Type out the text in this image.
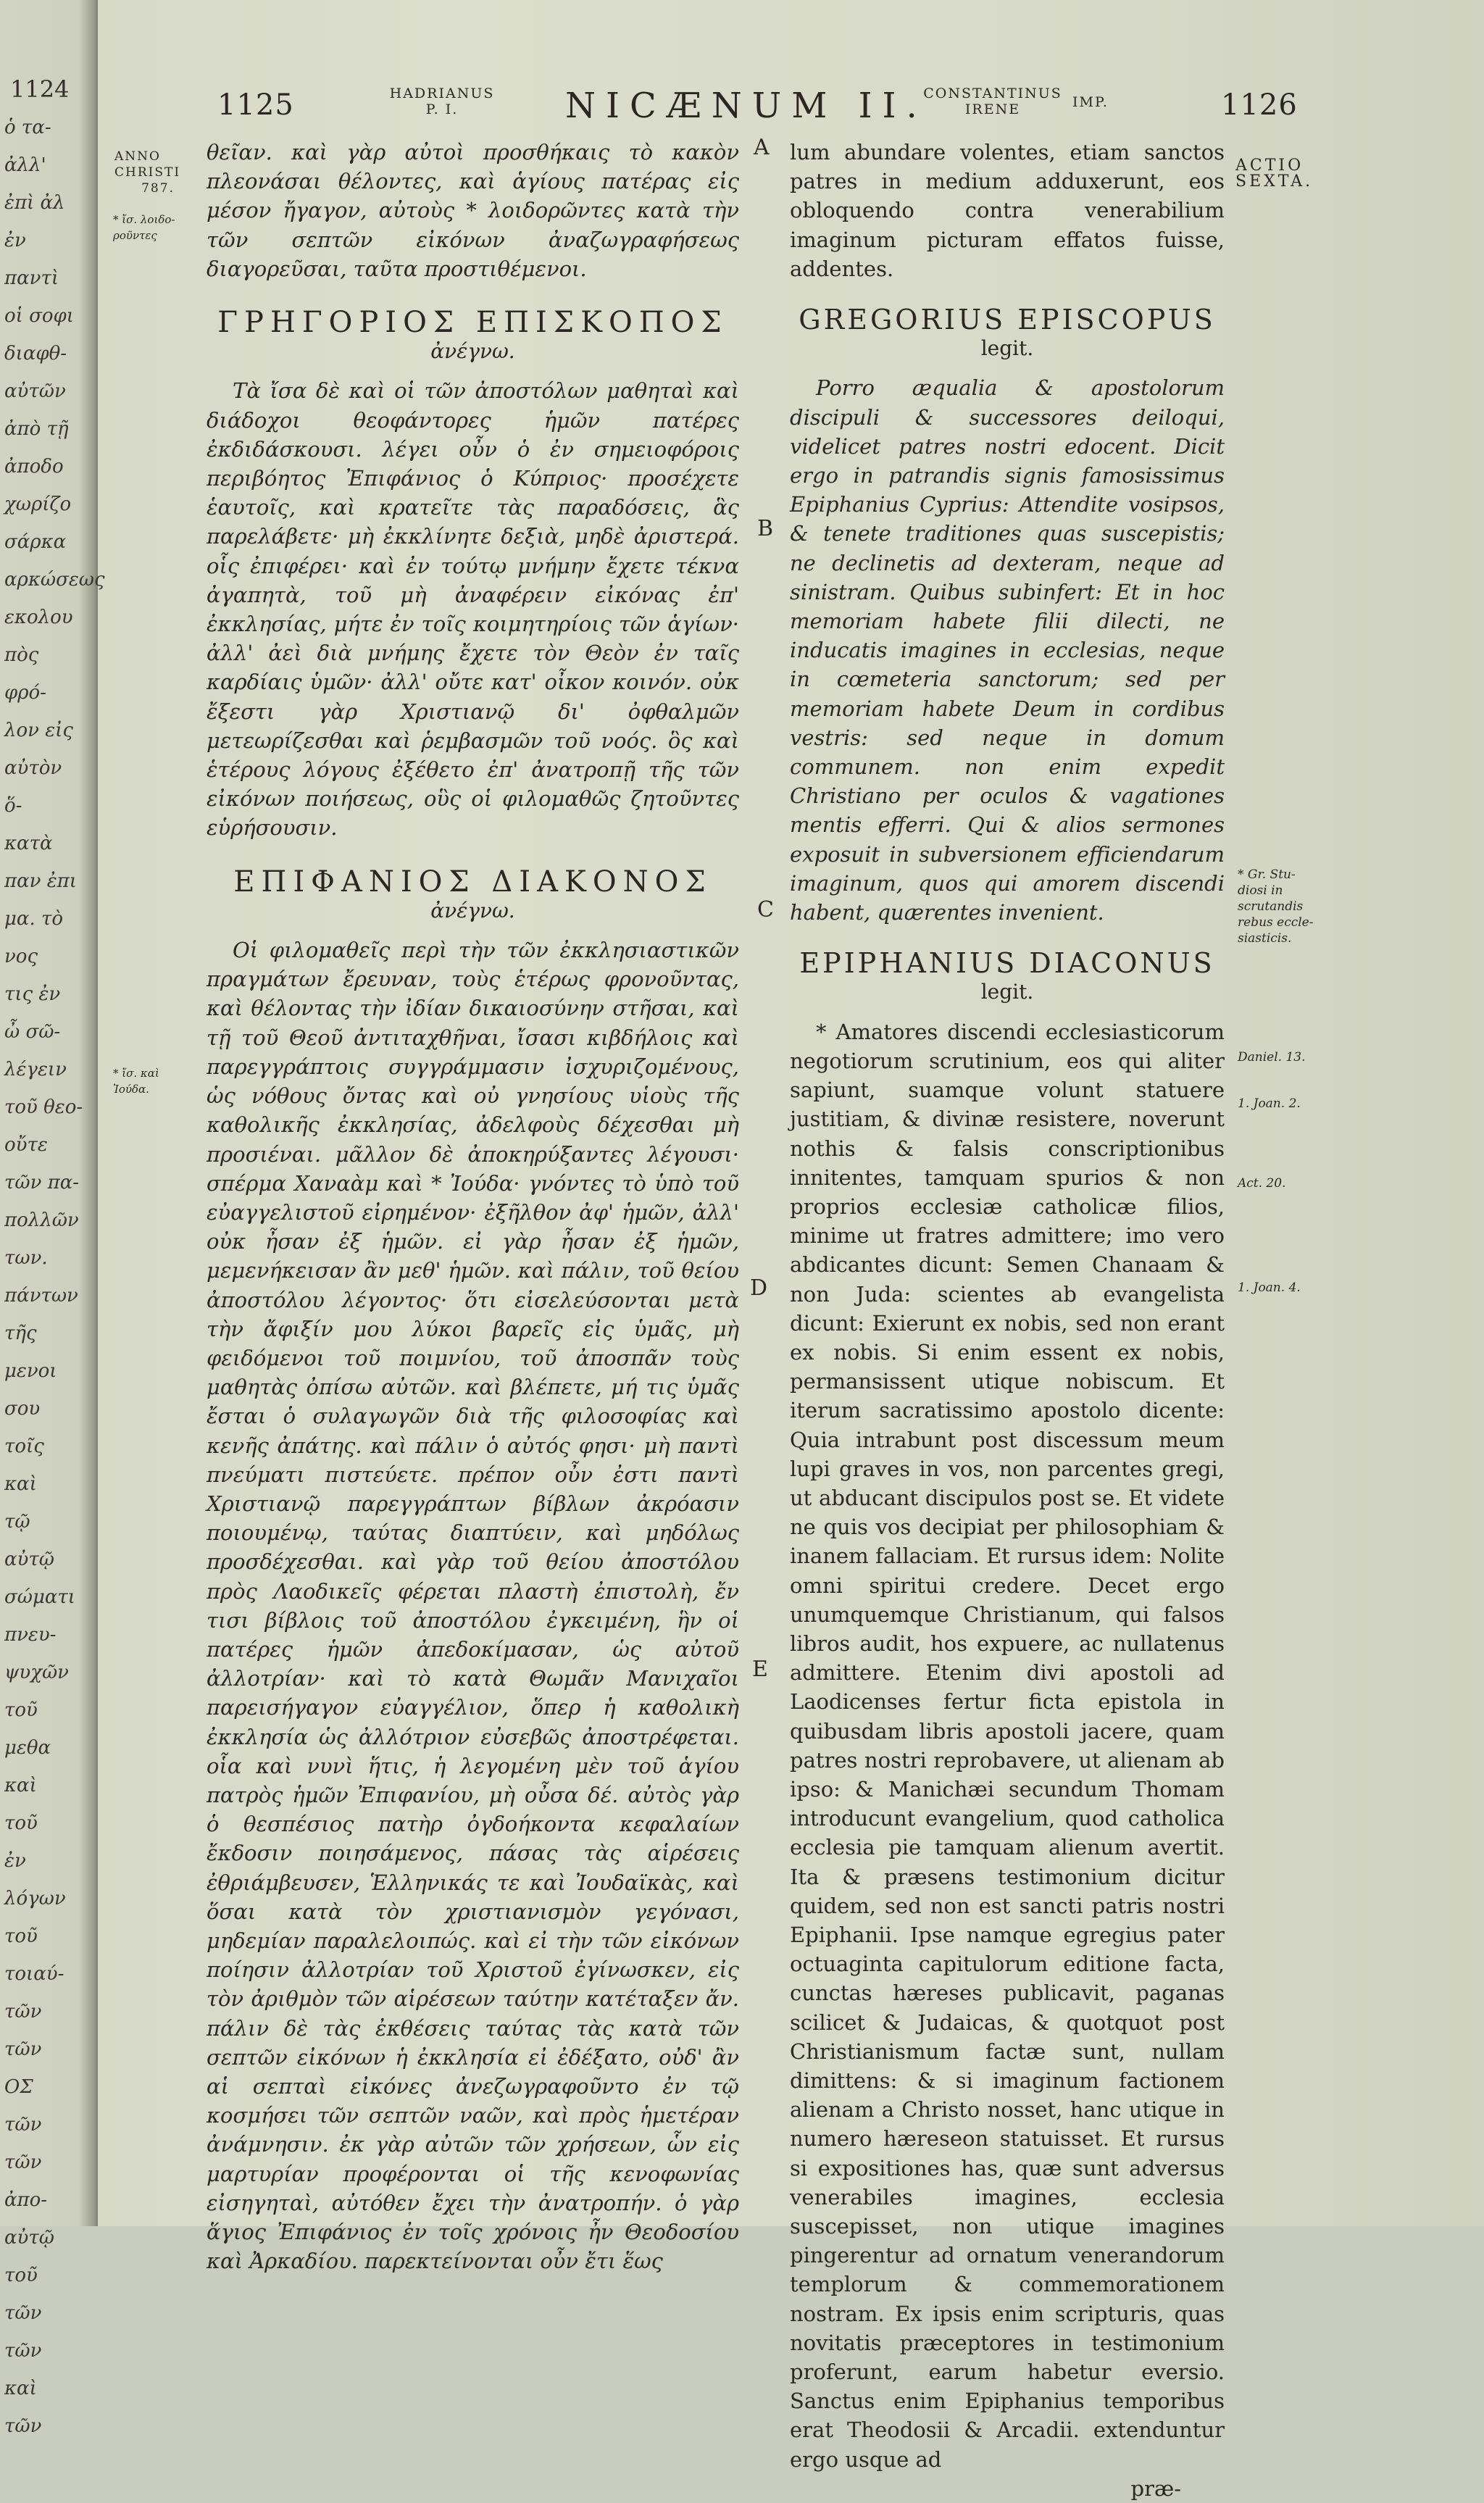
1124
ὁ τα-
ἀλλ'
ἐπὶ ἀλ
ἐν παντὶ
οἱ σοφι
διαφθ-
αὐτῶν
ἀπὸ τῇ
ἀποδο
χωρίζο
σάρκα
αρκώσεως
εκολου
πὸς φρό-
λον εἰς
αὐτὸν ὅ-
κατὰ
παν ἐπι
μα. τὸ
νος
τις ἐν
ὦ σῶ-
λέγειν
τοῦ θεο-
οὔτε
τῶν πα-
πολλῶν
των.
πάντων
τῆς
μενοι
σου τοῖς
καὶ
τῷ αὐτῷ
σώματι
πνευ-
ψυχῶν
τοῦ
μεθα
καὶ
τοῦ
ἐν
λόγων
τοῦ
τοιαύ-
τῶν
τῶν
ΟΣ
τῶν
τῶν ἀπο-
αὐτῷ
τοῦ
τῶν
τῶν
καὶ
τῶν
1125	HADRIANUS
P. I.	NICÆNUM II.
CONSTANTINUS
IRENE	IMP.	1126
ANNO
CHRISTI
787.
* ἴσ. λοιδο-
ροῦντες
* ἴσ. καὶ
Ἰούδα.
ACTIO
SEXTA.
* Gr. Stu-
diosi in
scrutandis
rebus eccle-
siasticis.
Daniel. 13.
1. Joan. 2.
Act. 20.
1. Joan. 4.
A
B
C
D
E

θεῖαν. καὶ γὰρ αὐτοὶ προσθήκαις τὸ κακὸν πλεονάσαι θέλοντες, καὶ ἁγίους πατέρας εἰς μέσον ἤγαγον, αὐτοὺς * λοιδορῶντες κατὰ τὴν τῶν σεπτῶν εἰκόνων ἀναζωγραφήσεως διαγορεῦσαι, ταῦτα προστιθέμενοι.

ΓΡΗΓΟΡΙΟΣ ΕΠΙΣΚΟΠΟΣ
ἀνέγνω.

Τὰ ἴσα δὲ καὶ οἱ τῶν ἀποστόλων μαθηταὶ καὶ διάδοχοι θεοφάντορες ἡμῶν πατέρες ἐκδιδάσκουσι. λέγει οὖν ὁ ἐν σημειοφόροις περιβόητος Ἐπιφάνιος ὁ Κύπριος· προσέχετε ἑαυτοῖς, καὶ κρατεῖτε τὰς παραδόσεις, ἃς παρελάβετε· μὴ ἐκκλίνητε δεξιὰ, μηδὲ ἀριστερά. οἷς ἐπιφέρει· καὶ ἐν τούτῳ μνήμην ἔχετε τέκνα ἀγαπητὰ, τοῦ μὴ ἀναφέρειν εἰκόνας ἐπ' ἐκκλησίας, μήτε ἐν τοῖς κοιμητηρίοις τῶν ἁγίων· ἀλλ' ἀεὶ διὰ μνήμης ἔχετε τὸν Θεὸν ἐν ταῖς καρδίαις ὑμῶν· ἀλλ' οὔτε κατ' οἶκον κοινόν. οὐκ ἔξεστι γὰρ Χριστιανῷ δι' ὀφθαλμῶν μετεωρίζεσθαι καὶ ῥεμβασμῶν τοῦ νοός. ὃς καὶ ἑτέρους λόγους ἐξέθετο ἐπ' ἀνατροπῇ τῆς τῶν εἰκόνων ποιήσεως, οὓς οἱ φιλομαθῶς ζητοῦντες εὑρήσουσιν.

ΕΠΙΦΑΝΙΟΣ ΔΙΑΚΟΝΟΣ
ἀνέγνω.

Οἱ φιλομαθεῖς περὶ τὴν τῶν ἐκκλησιαστικῶν πραγμάτων ἔρευναν, τοὺς ἑτέρως φρονοῦντας, καὶ θέλοντας τὴν ἰδίαν δικαιοσύνην στῆσαι, καὶ τῇ τοῦ Θεοῦ ἀντιταχθῆναι, ἴσασι κιβδήλοις καὶ παρεγγράπτοις συγγράμμασιν ἰσχυριζομένους, ὡς νόθους ὄντας καὶ οὐ γνησίους υἱοὺς τῆς καθολικῆς ἐκκλησίας, ἀδελφοὺς δέχεσθαι μὴ προσιέναι. μᾶλλον δὲ ἀποκηρύξαντες λέγουσι· σπέρμα Χαναὰμ καὶ * Ἰούδα· γνόντες τὸ ὑπὸ τοῦ εὐαγγελιστοῦ εἰρημένον· ἐξῆλθον ἀφ' ἡμῶν, ἀλλ' οὐκ ἦσαν ἐξ ἡμῶν. εἰ γὰρ ἦσαν ἐξ ἡμῶν, μεμενήκεισαν ἂν μεθ' ἡμῶν. καὶ πάλιν, τοῦ θείου ἀποστόλου λέγοντος· ὅτι εἰσελεύσονται μετὰ τὴν ἄφιξίν μου λύκοι βαρεῖς εἰς ὑμᾶς, μὴ φειδόμενοι τοῦ ποιμνίου, τοῦ ἀποσπᾶν τοὺς μαθητὰς ὀπίσω αὐτῶν. καὶ βλέπετε, μή τις ὑμᾶς ἔσται ὁ συλαγωγῶν διὰ τῆς φιλοσοφίας καὶ κενῆς ἀπάτης. καὶ πάλιν ὁ αὐτός φησι· μὴ παντὶ πνεύματι πιστεύετε. πρέπον οὖν ἐστι παντὶ Χριστιανῷ παρεγγράπτων βίβλων ἀκρόασιν ποιουμένῳ, ταύτας διαπτύειν, καὶ μηδόλως προσδέχεσθαι. καὶ γὰρ τοῦ θείου ἀποστόλου πρὸς Λαοδικεῖς φέρεται πλαστὴ ἐπιστολὴ, ἔν τισι βίβλοις τοῦ ἀποστόλου ἐγκειμένη, ἣν οἱ πατέρες ἡμῶν ἀπεδοκίμασαν, ὡς αὐτοῦ ἀλλοτρίαν· καὶ τὸ κατὰ Θωμᾶν Μανιχαῖοι παρεισήγαγον εὐαγγέλιον, ὅπερ ἡ καθολικὴ ἐκκλησία ὡς ἀλλότριον εὐσεβῶς ἀποστρέφεται. οἷα καὶ νυνὶ ἥτις, ἡ λεγομένη μὲν τοῦ ἁγίου πατρὸς ἡμῶν Ἐπιφανίου, μὴ οὖσα δέ. αὐτὸς γὰρ ὁ θεσπέσιος πατὴρ ὀγδοήκοντα κεφαλαίων ἔκδοσιν ποιησάμενος, πάσας τὰς αἱρέσεις ἐθριάμβευσεν, Ἑλληνικάς τε καὶ Ἰουδαϊκὰς, καὶ ὅσαι κατὰ τὸν χριστιανισμὸν γεγόνασι, μηδεμίαν παραλελοιπώς. καὶ εἰ τὴν τῶν εἰκόνων ποίησιν ἀλλοτρίαν τοῦ Χριστοῦ ἐγίνωσκεν, εἰς τὸν ἀριθμὸν τῶν αἱρέσεων ταύτην κατέταξεν ἄν. πάλιν δὲ τὰς ἐκθέσεις ταύτας τὰς κατὰ τῶν σεπτῶν εἰκόνων ἡ ἐκκλησία εἰ ἐδέξατο, οὐδ' ἂν αἱ σεπταὶ εἰκόνες ἀνεζωγραφοῦντο ἐν τῷ κοσμήσει τῶν σεπτῶν ναῶν, καὶ πρὸς ἡμετέραν ἀνάμνησιν. ἐκ γὰρ αὐτῶν τῶν χρήσεων, ὧν εἰς μαρτυρίαν προφέρονται οἱ τῆς κενοφωνίας εἰσηγηταὶ, αὐτόθεν ἔχει τὴν ἀνατροπήν. ὁ γὰρ ἅγιος Ἐπιφάνιος ἐν τοῖς χρόνοις ἦν Θεοδοσίου καὶ Ἀρκαδίου. παρεκτείνονται οὖν ἔτι ἕως

lum abundare volentes, etiam sanctos patres in medium adduxerunt, eos obloquendo contra venerabilium imaginum picturam effatos fuisse, addentes.

GREGORIUS EPISCOPUS
legit.

Porro æqualia & apostolorum discipuli & successores deiloqui, videlicet patres nostri edocent. Dicit ergo in patrandis signis famosissimus Epiphanius Cyprius: Attendite vosipsos, & tenete traditiones quas suscepistis; ne declinetis ad dexteram, neque ad sinistram. Quibus subinfert: Et in hoc memoriam habete filii dilecti, ne inducatis imagines in ecclesias, neque in cœmeteria sanctorum; sed per memoriam habete Deum in cordibus vestris: sed neque in domum communem. non enim expedit Christiano per oculos & vagationes mentis efferri. Qui & alios sermones exposuit in subversionem efficiendarum imaginum, quos qui amorem discendi habent, quærentes invenient.

EPIPHANIUS DIACONUS
legit.

* Amatores discendi ecclesiasticorum negotiorum scrutinium, eos qui aliter sapiunt, suamque volunt statuere justitiam, & divinæ resistere, noverunt nothis & falsis conscriptionibus innitentes, tamquam spurios & non proprios ecclesiæ catholicæ filios, minime ut fratres admittere; imo vero abdicantes dicunt: Semen Chanaam & non Juda: scientes ab evangelista dicunt: Exierunt ex nobis, sed non erant ex nobis. Si enim essent ex nobis, permansissent utique nobiscum. Et iterum sacratissimo apostolo dicente: Quia intrabunt post discessum meum lupi graves in vos, non parcentes gregi, ut abducant discipulos post se. Et videte ne quis vos decipiat per philosophiam & inanem fallaciam. Et rursus idem: Nolite omni spiritui credere. Decet ergo unumquemque Christianum, qui falsos libros audit, hos expuere, ac nullatenus admittere. Etenim divi apostoli ad Laodicenses fertur ficta epistola in quibusdam libris apostoli jacere, quam patres nostri reprobavere, ut alienam ab ipso: & Manichæi secundum Thomam introducunt evangelium, quod catholica ecclesia pie tamquam alienum avertit. Ita & præsens testimonium dicitur quidem, sed non est sancti patris nostri Epiphanii. Ipse namque egregius pater octuaginta capitulorum editione facta, cunctas hæreses publicavit, paganas scilicet & Judaicas, & quotquot post Christianismum factæ sunt, nullam dimittens: & si imaginum factionem alienam a Christo nosset, hanc utique in numero hæreseon statuisset. Et rursus si expositiones has, quæ sunt adversus venerabiles imagines, ecclesia suscepisset, non utique imagines pingerentur ad ornatum venerandorum templorum & commemorationem nostram. Ex ipsis enim scripturis, quas novitatis præceptores in testimonium proferunt, earum habetur eversio. Sanctus enim Epiphanius temporibus erat Theodosii & Arcadii. extenduntur ergo usque ad

præ-
